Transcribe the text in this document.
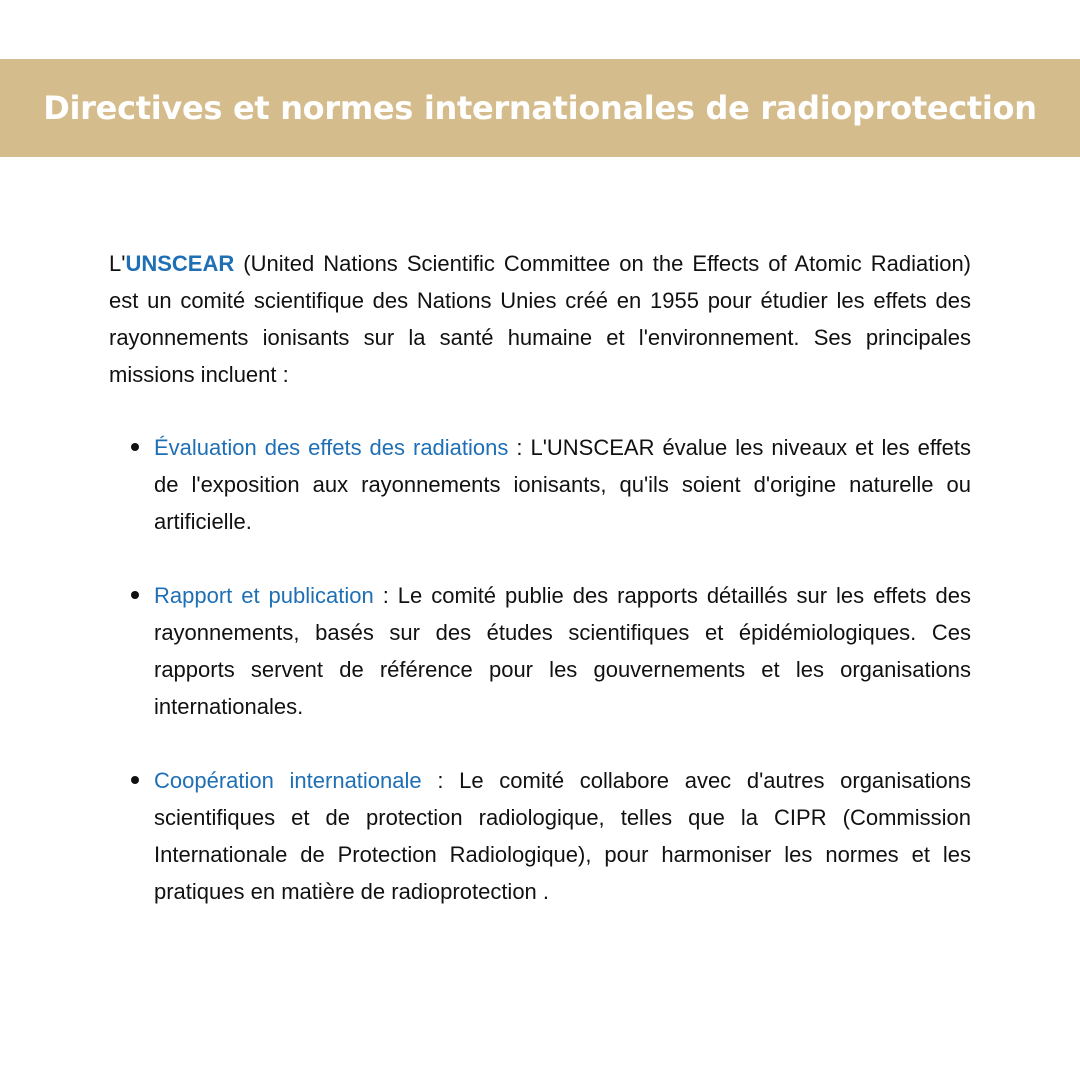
Directives et normes internationales de radioprotection

L'UNSCEAR (United Nations Scientific Committee on the Effects of Atomic Radiation) est un comité scientifique des Nations Unies créé en 1955 pour étudier les effets des rayonnements ionisants sur la santé humaine et l'environnement. Ses principales missions incluent :

Évaluation des effets des radiations : L'UNSCEAR évalue les niveaux et les effets de l'exposition aux rayonnements ionisants, qu'ils soient d'origine naturelle ou artificielle.
Rapport et publication : Le comité publie des rapports détaillés sur les effets des rayonnements, basés sur des études scientifiques et épidémiologiques. Ces rapports servent de référence pour les gouvernements et les organisations internationales.
Coopération internationale : Le comité collabore avec d'autres organisations scientifiques et de protection radiologique, telles que la CIPR (Commission Internationale de Protection Radiologique), pour harmoniser les normes et les pratiques en matière de radioprotection .
